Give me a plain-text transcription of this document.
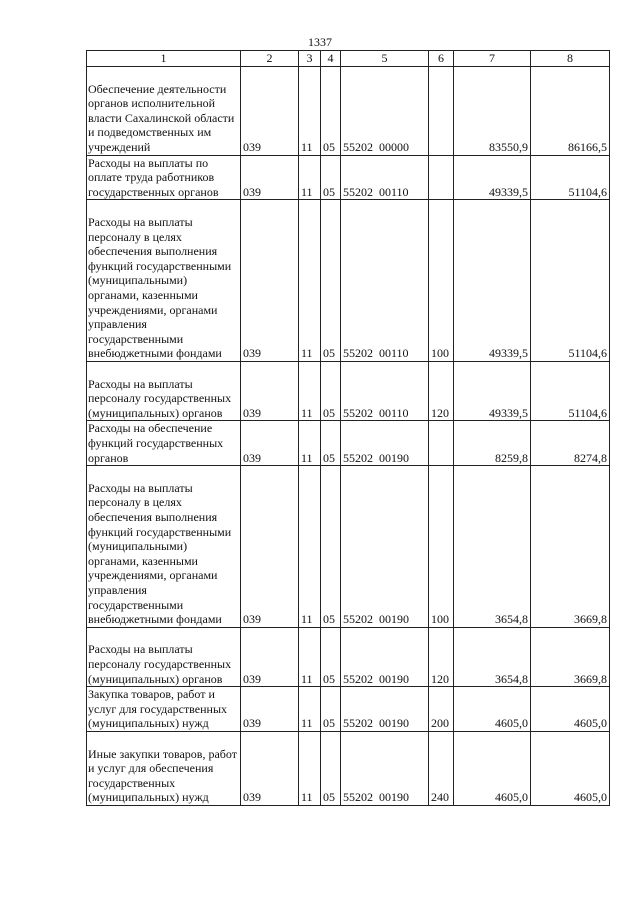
1337
1	2	3	4	5	6	7	8
Обеспечение деятельности органов исполнительной власти Сахалинской области и подведомственных им учреждений	039	11	05	55202 00000		83550,9	86166,5
Расходы на выплаты по оплате труда работников государственных органов	039	11	05	55202 00110		49339,5	51104,6
Расходы на выплаты персоналу в целях обеспечения выполнения функций государственными (муниципальными) органами, казенными учреждениями, органами управления государственными внебюджетными фондами	039	11	05	55202 00110	100	49339,5	51104,6
Расходы на выплаты персоналу государственных (муниципальных) органов	039	11	05	55202 00110	120	49339,5	51104,6
Расходы на обеспечение функций государственных органов	039	11	05	55202 00190		8259,8	8274,8
Расходы на выплаты персоналу в целях обеспечения выполнения функций государственными (муниципальными) органами, казенными учреждениями, органами управления государственными внебюджетными фондами	039	11	05	55202 00190	100	3654,8	3669,8
Расходы на выплаты персоналу государственных (муниципальных) органов	039	11	05	55202 00190	120	3654,8	3669,8
Закупка товаров, работ и услуг для государственных (муниципальных) нужд	039	11	05	55202 00190	200	4605,0	4605,0
Иные закупки товаров, работ и услуг для обеспечения государственных (муниципальных) нужд	039	11	05	55202 00190	240	4605,0	4605,0
